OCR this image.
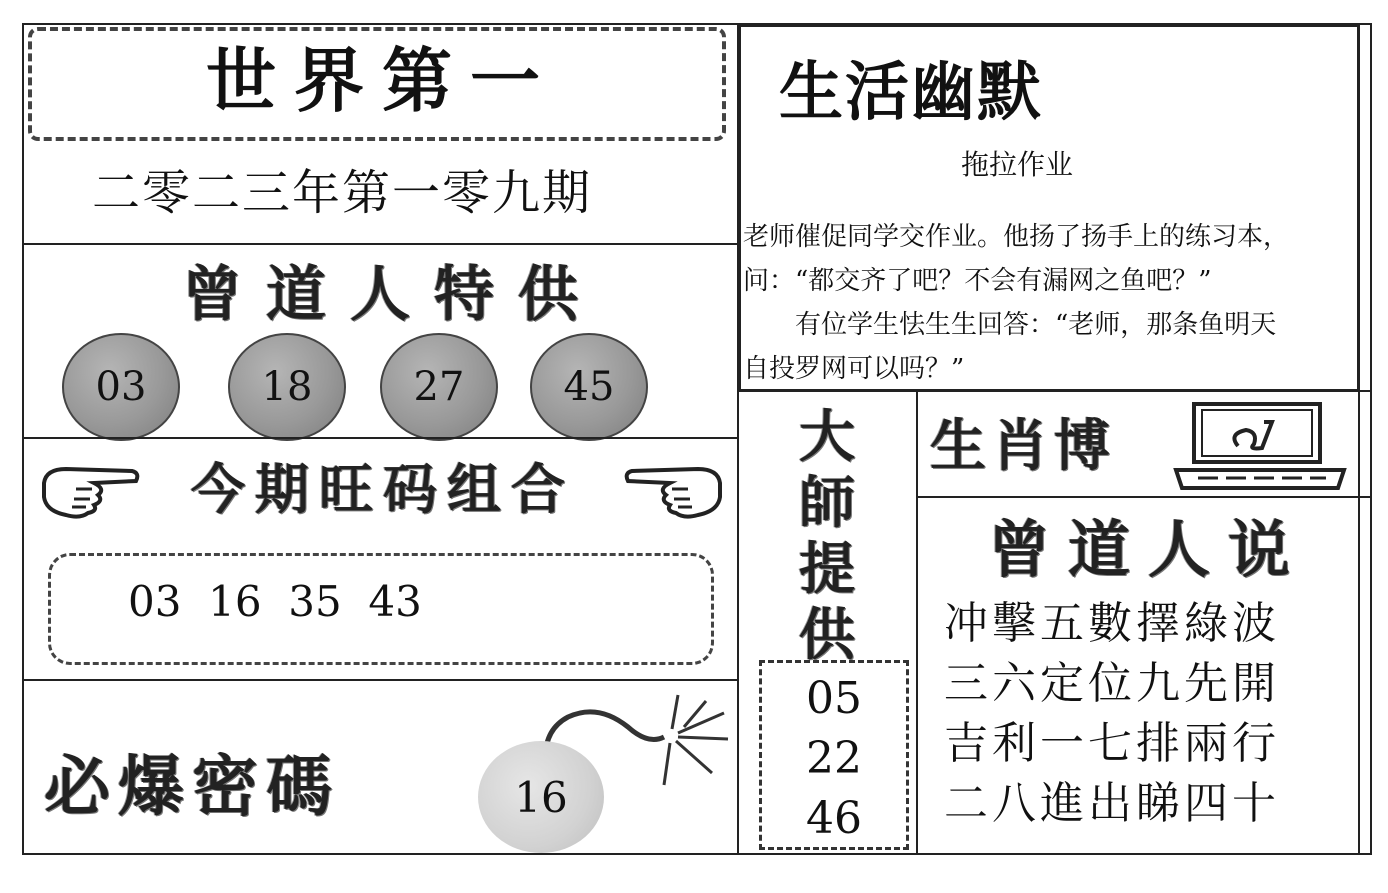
世界第一
二零二三年第一零九期
曾道人特供
03	18	27	45
今期旺码组合
03  16  35  43
必爆密碼	16
生活幽默
拖拉作业
老师催促同学交作业。他扬了扬手上的练习本，
问：“都交齐了吧？不会有漏网之鱼吧？”
　　有位学生怯生生回答：“老师，那条鱼明天
自投罗网可以吗？”
大
師
提
供
05
22
46
生肖博
曾道人说
冲擊五數擇綠波
三六定位九先開
吉利一七排兩行
二八進出睇四十
